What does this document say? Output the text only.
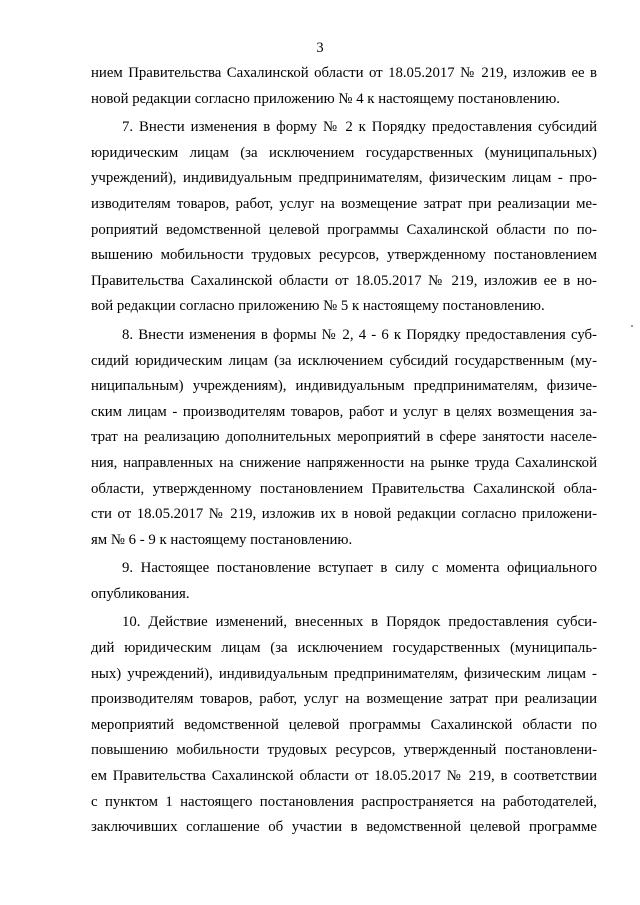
3
нием Правительства Сахалинской области от 18.05.2017 № 219, изложив ее в
новой редакции согласно приложению № 4 к настоящему постановлению.
7. Внести изменения в форму № 2 к Порядку предоставления субсидий
юридическим лицам (за исключением государственных (муниципальных)
учреждений), индивидуальным предпринимателям, физическим лицам - про-
изводителям товаров, работ, услуг на возмещение затрат при реализации ме-
роприятий ведомственной целевой программы Сахалинской области по по-
вышению мобильности трудовых ресурсов, утвержденному постановлением
Правительства Сахалинской области от 18.05.2017 № 219, изложив ее в но-
вой редакции согласно приложению № 5 к настоящему постановлению.
8. Внести изменения в формы № 2, 4 - 6 к Порядку предоставления суб-
сидий юридическим лицам (за исключением субсидий государственным (му-
ниципальным) учреждениям), индивидуальным предпринимателям, физиче-
ским лицам - производителям товаров, работ и услуг в целях возмещения за-
трат на реализацию дополнительных мероприятий в сфере занятости населе-
ния, направленных на снижение напряженности на рынке труда Сахалинской
области, утвержденному постановлением Правительства Сахалинской обла-
сти от 18.05.2017 № 219, изложив их в новой редакции согласно приложени-
ям № 6 - 9 к настоящему постановлению.
9. Настоящее постановление вступает в силу с момента официального
опубликования.
10. Действие изменений, внесенных в Порядок предоставления субси-
дий юридическим лицам (за исключением государственных (муниципаль-
ных) учреждений), индивидуальным предпринимателям, физическим лицам -
производителям товаров, работ, услуг на возмещение затрат при реализации
мероприятий ведомственной целевой программы Сахалинской области по
повышению мобильности трудовых ресурсов, утвержденный постановлени-
ем Правительства Сахалинской области от 18.05.2017 № 219, в соответствии
с пунктом 1 настоящего постановления распространяется на работодателей,
заключивших соглашение об участии в ведомственной целевой программе
